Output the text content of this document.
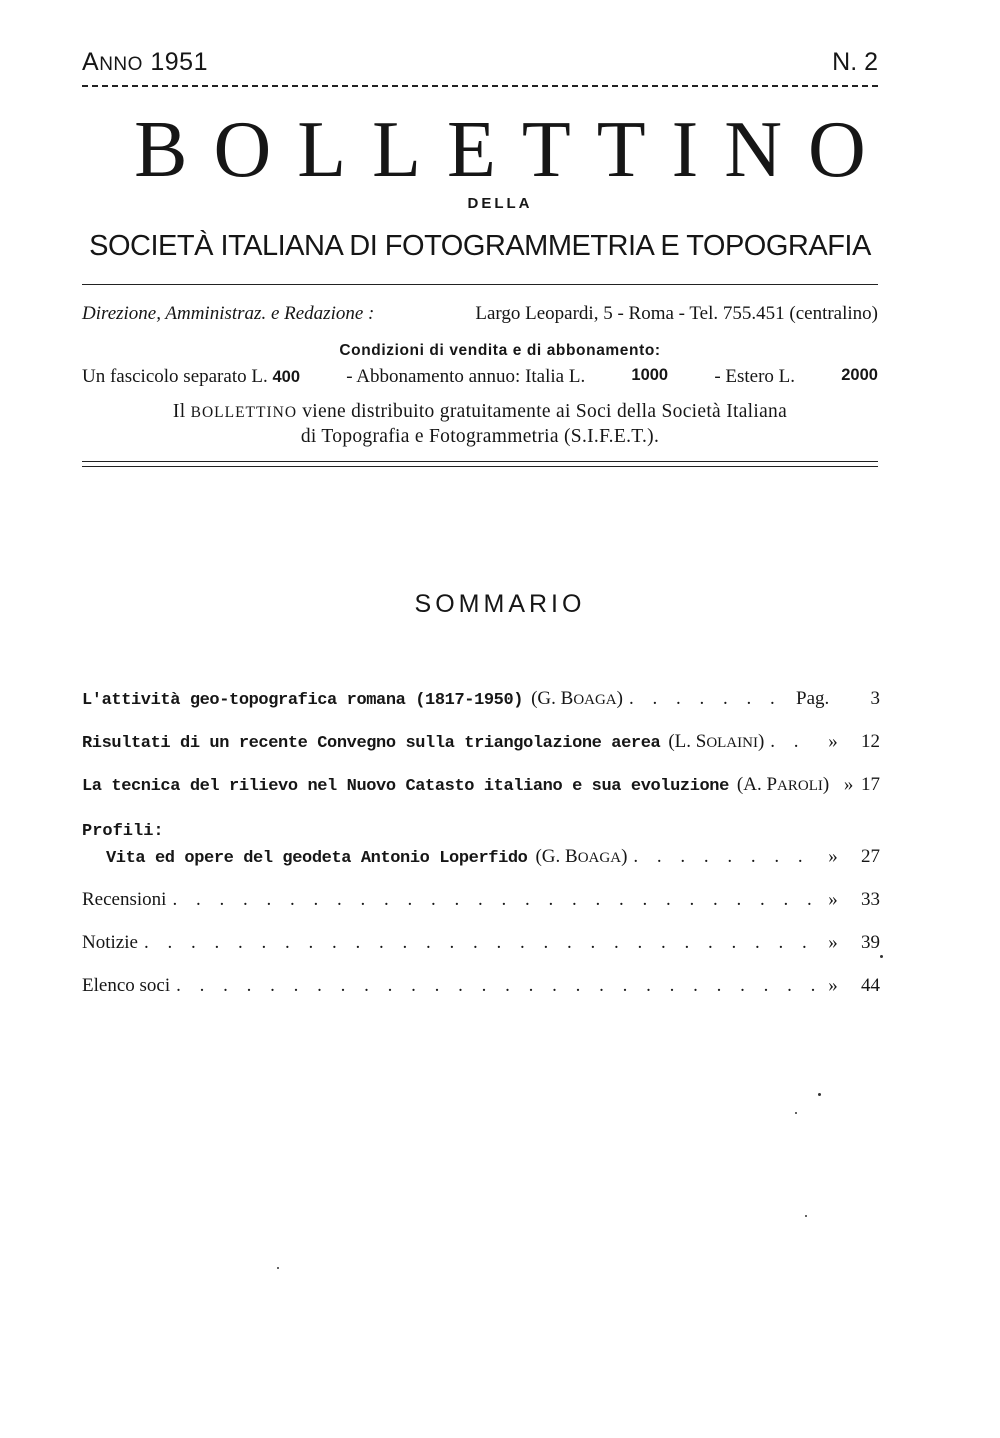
ANNO 1951	N. 2
BOLLETTINO
DELLA
SOCIETÀ ITALIANA DI FOTOGRAMMETRIA E TOPOGRAFIA
Direzione, Amministraz. e Redazione :	Largo Leopardi, 5 - Roma - Tel. 755.451 (centralino)
Condizioni di vendita e di abbonamento:
Un fascicolo separato L. 400 - Abbonamento annuo: Italia L.	1000 - Estero L.	2000
Il BOLLETTINO viene distribuito gratuitamente ai Soci della Società Italiana
di Topografia e Fotogrammetria (S.I.F.E.T.).
SOMMARIO
L'attività geo-topografica romana (1817-1950) (G. BOAGA) . . .	Pag.	3
Risultati di un recente Convegno sulla triangolazione aerea (L. SOLAINI) . . .	»	12
La tecnica del rilievo nel Nuovo Catasto italiano e sua evoluzione (A. PAROLI) » 17
Profili:
Vita ed opere del geodeta Antonio Loperfido (G. BOAGA) . . .	»	27
Recensioni . . .	»	33
Notizie . . .	»	39
Elenco soci . . .	»	44
